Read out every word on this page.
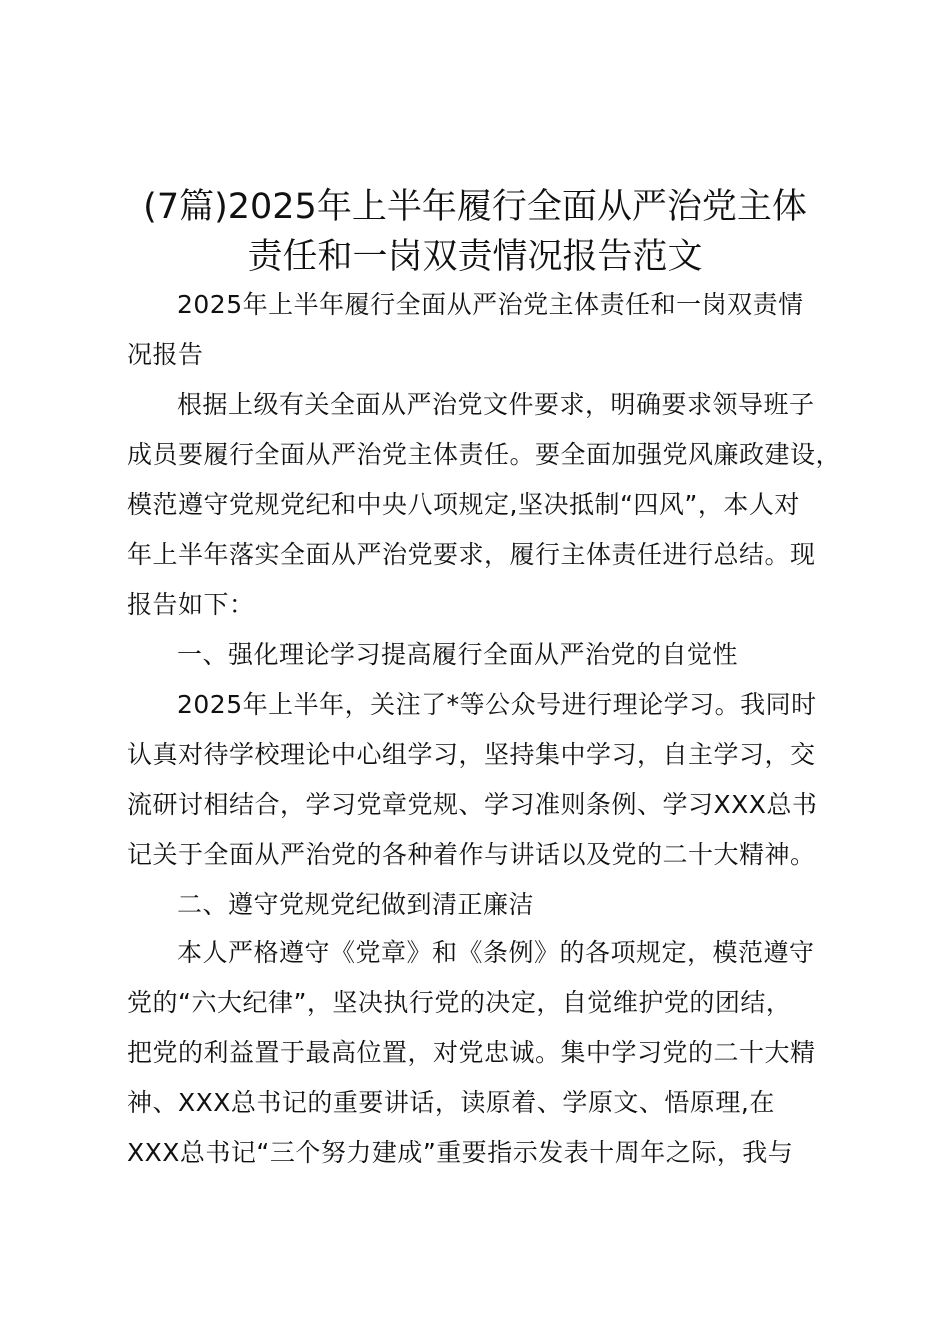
(7篇)2025年上半年履行全面从严治党主体
责任和一岗双责情况报告范文

2025年上半年履行全面从严治党主体责任和一岗双责情

况报告

根据上级有关全面从严治党文件要求，明确要求领导班子

成员要履行全面从严治党主体责任。要全面加强党风廉政建设，

模范遵守党规党纪和中央八项规定,坚决抵制“四风”，本人对

年上半年落实全面从严治党要求，履行主体责任进行总结。现

报告如下：

一、强化理论学习提高履行全面从严治党的自觉性

2025年上半年，关注了*等公众号进行理论学习。我同时

认真对待学校理论中心组学习，坚持集中学习，自主学习，交

流研讨相结合，学习党章党规、学习准则条例、学习XXX总书

记关于全面从严治党的各种着作与讲话以及党的二十大精神。

二、遵守党规党纪做到清正廉洁

本人严格遵守《党章》和《条例》的各项规定，模范遵守

党的“六大纪律”，坚决执行党的决定，自觉维护党的团结，

把党的利益置于最高位置，对党忠诚。集中学习党的二十大精

神、XXX总书记的重要讲话，读原着、学原文、悟原理,在

XXX总书记“三个努力建成”重要指示发表十周年之际，我与
